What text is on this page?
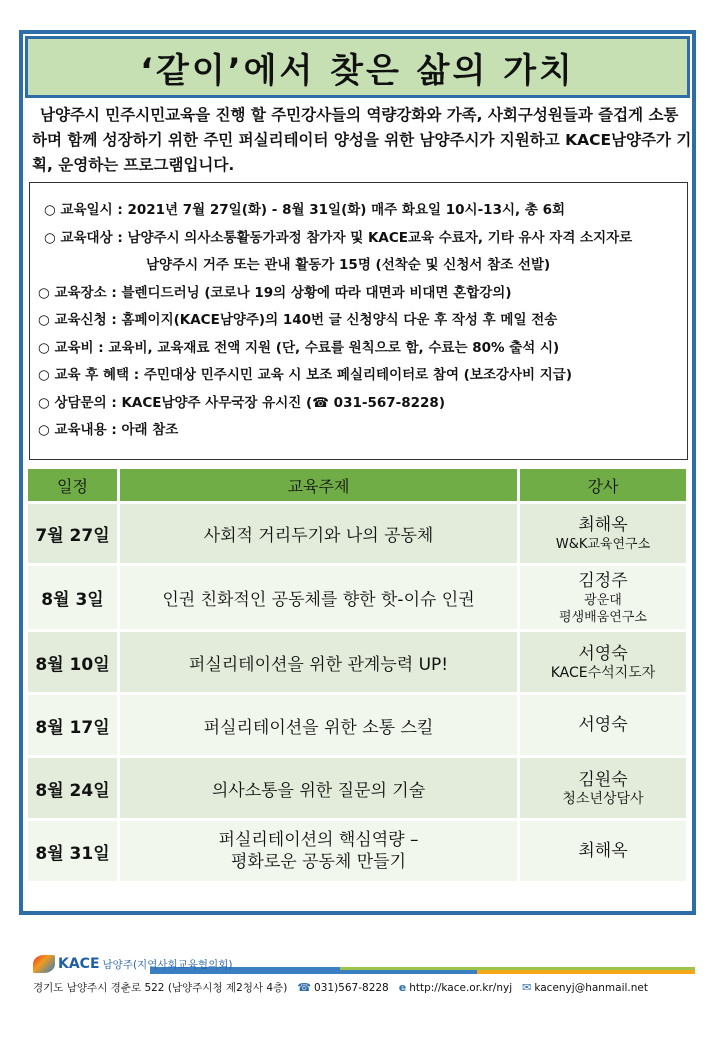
‘같이’에서 찾은 삶의 가치

남양주시 민주시민교육을 진행 할 주민강사들의 역량강화와 가족, 사회구성원들과 즐겁게 소통하며 함께 성장하기 위한 주민 퍼실리테이터 양성을 위한 남양주시가 지원하고 KACE남양주가 기획, 운영하는 프로그램입니다.

○ 교육일시 : 2021년 7월 27일(화) - 8월 31일(화) 매주 화요일 10시-13시, 총 6회
○ 교육대상 : 남양주시 의사소통활동가과정 참가자 및 KACE교육 수료자, 기타 유사 자격 소지자로
남양주시 거주 또는 관내 활동가 15명 (선착순 및 신청서 참조 선발)
○ 교육장소 : 블렌디드러닝 (코로나 19의 상황에 따라 대면과 비대면 혼합강의)
○ 교육신청 : 홈페이지(KACE남양주)의 140번 글 신청양식 다운 후 작성 후 메일 전송
○ 교육비 : 교육비, 교육재료 전액 지원 (단, 수료를 원칙으로 함, 수료는 80% 출석 시)
○ 교육 후 혜택 : 주민대상 민주시민 교육 시 보조 페실리테이터로 참여 (보조강사비 지급)
○ 상담문의 : KACE남양주 사무국장 유시진 (☎ 031-567-8228)
○ 교육내용 : 아래 참조
일정	교육주제	강사
7월 27일	사회적 거리두기와 나의 공동체	최해옥
W&K교육연구소

8월 3일	인권 친화적인 공동체를 향한 핫-이슈 인권	김정주
광운대
평생배움연구소

8월 10일	퍼실리테이션을 위한 관계능력 UP!	서영숙
KACE수석지도자

8월 17일	퍼실리테이션을 위한 소통 스킬	서영숙

8월 24일	의사소통을 위한 질문의 기술	김원숙
청소년상담사

8월 31일	퍼실리테이션의 핵심역량 –
평화로운 공동체 만들기	최해옥
KACE 남양주(지역사회교육협의회)
경기도 남양주시 경춘로 522 (남양주시청 제2청사 4층) ☎ 031)567-8228 e http://kace.or.kr/nyj ✉ kacenyj@hanmail.net
